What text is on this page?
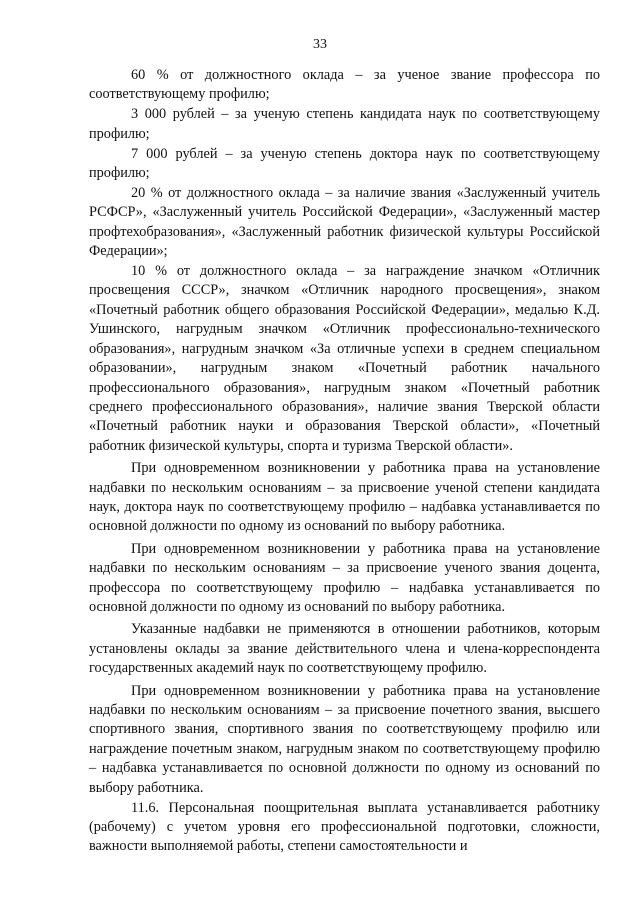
33

60 % от должностного оклада – за ученое звание профессора по соответствующему профилю;

3 000 рублей – за ученую степень кандидата наук по соответствующему профилю;

7 000 рублей – за ученую степень доктора наук по соответствующему профилю;

20 % от должностного оклада – за наличие звания «Заслуженный учитель РСФСР», «Заслуженный учитель Российской Федерации», «Заслуженный мастер профтехобразования», «Заслуженный работник физической культуры Российской Федерации»;

10 % от должностного оклада – за награждение значком «Отличник просвещения СССР», значком «Отличник народного просвещения», знаком «Почетный работник общего образования Российской Федерации», медалью К.Д. Ушинского, нагрудным значком «Отличник профессионально-технического образования», нагрудным значком «За отличные успехи в среднем специальном образовании», нагрудным знаком «Почетный работник начального профессионального образования», нагрудным знаком «Почетный работник среднего профессионального образования», наличие звания Тверской области «Почетный работник науки и образования Тверской области», «Почетный работник физической культуры, спорта и туризма Тверской области».

При одновременном возникновении у работника права на установление надбавки по нескольким основаниям – за присвоение ученой степени кандидата наук, доктора наук по соответствующему профилю – надбавка устанавливается по основной должности по одному из оснований по выбору работника.

При одновременном возникновении у работника права на установление надбавки по нескольким основаниям – за присвоение ученого звания доцента, профессора по соответствующему профилю – надбавка устанавливается по основной должности по одному из оснований по выбору работника.

Указанные надбавки не применяются в отношении работников, которым установлены оклады за звание действительного члена и члена-корреспондента государственных академий наук по соответствующему профилю.

При одновременном возникновении у работника права на установление надбавки по нескольким основаниям – за присвоение почетного звания, высшего спортивного звания, спортивного звания по соответствующему профилю или награждение почетным знаком, нагрудным знаком по соответствующему профилю – надбавка устанавливается по основной должности по одному из оснований по выбору работника.

11.6. Персональная поощрительная выплата устанавливается работнику (рабочему) с учетом уровня его профессиональной подготовки, сложности, важности выполняемой работы, степени самостоятельности и
